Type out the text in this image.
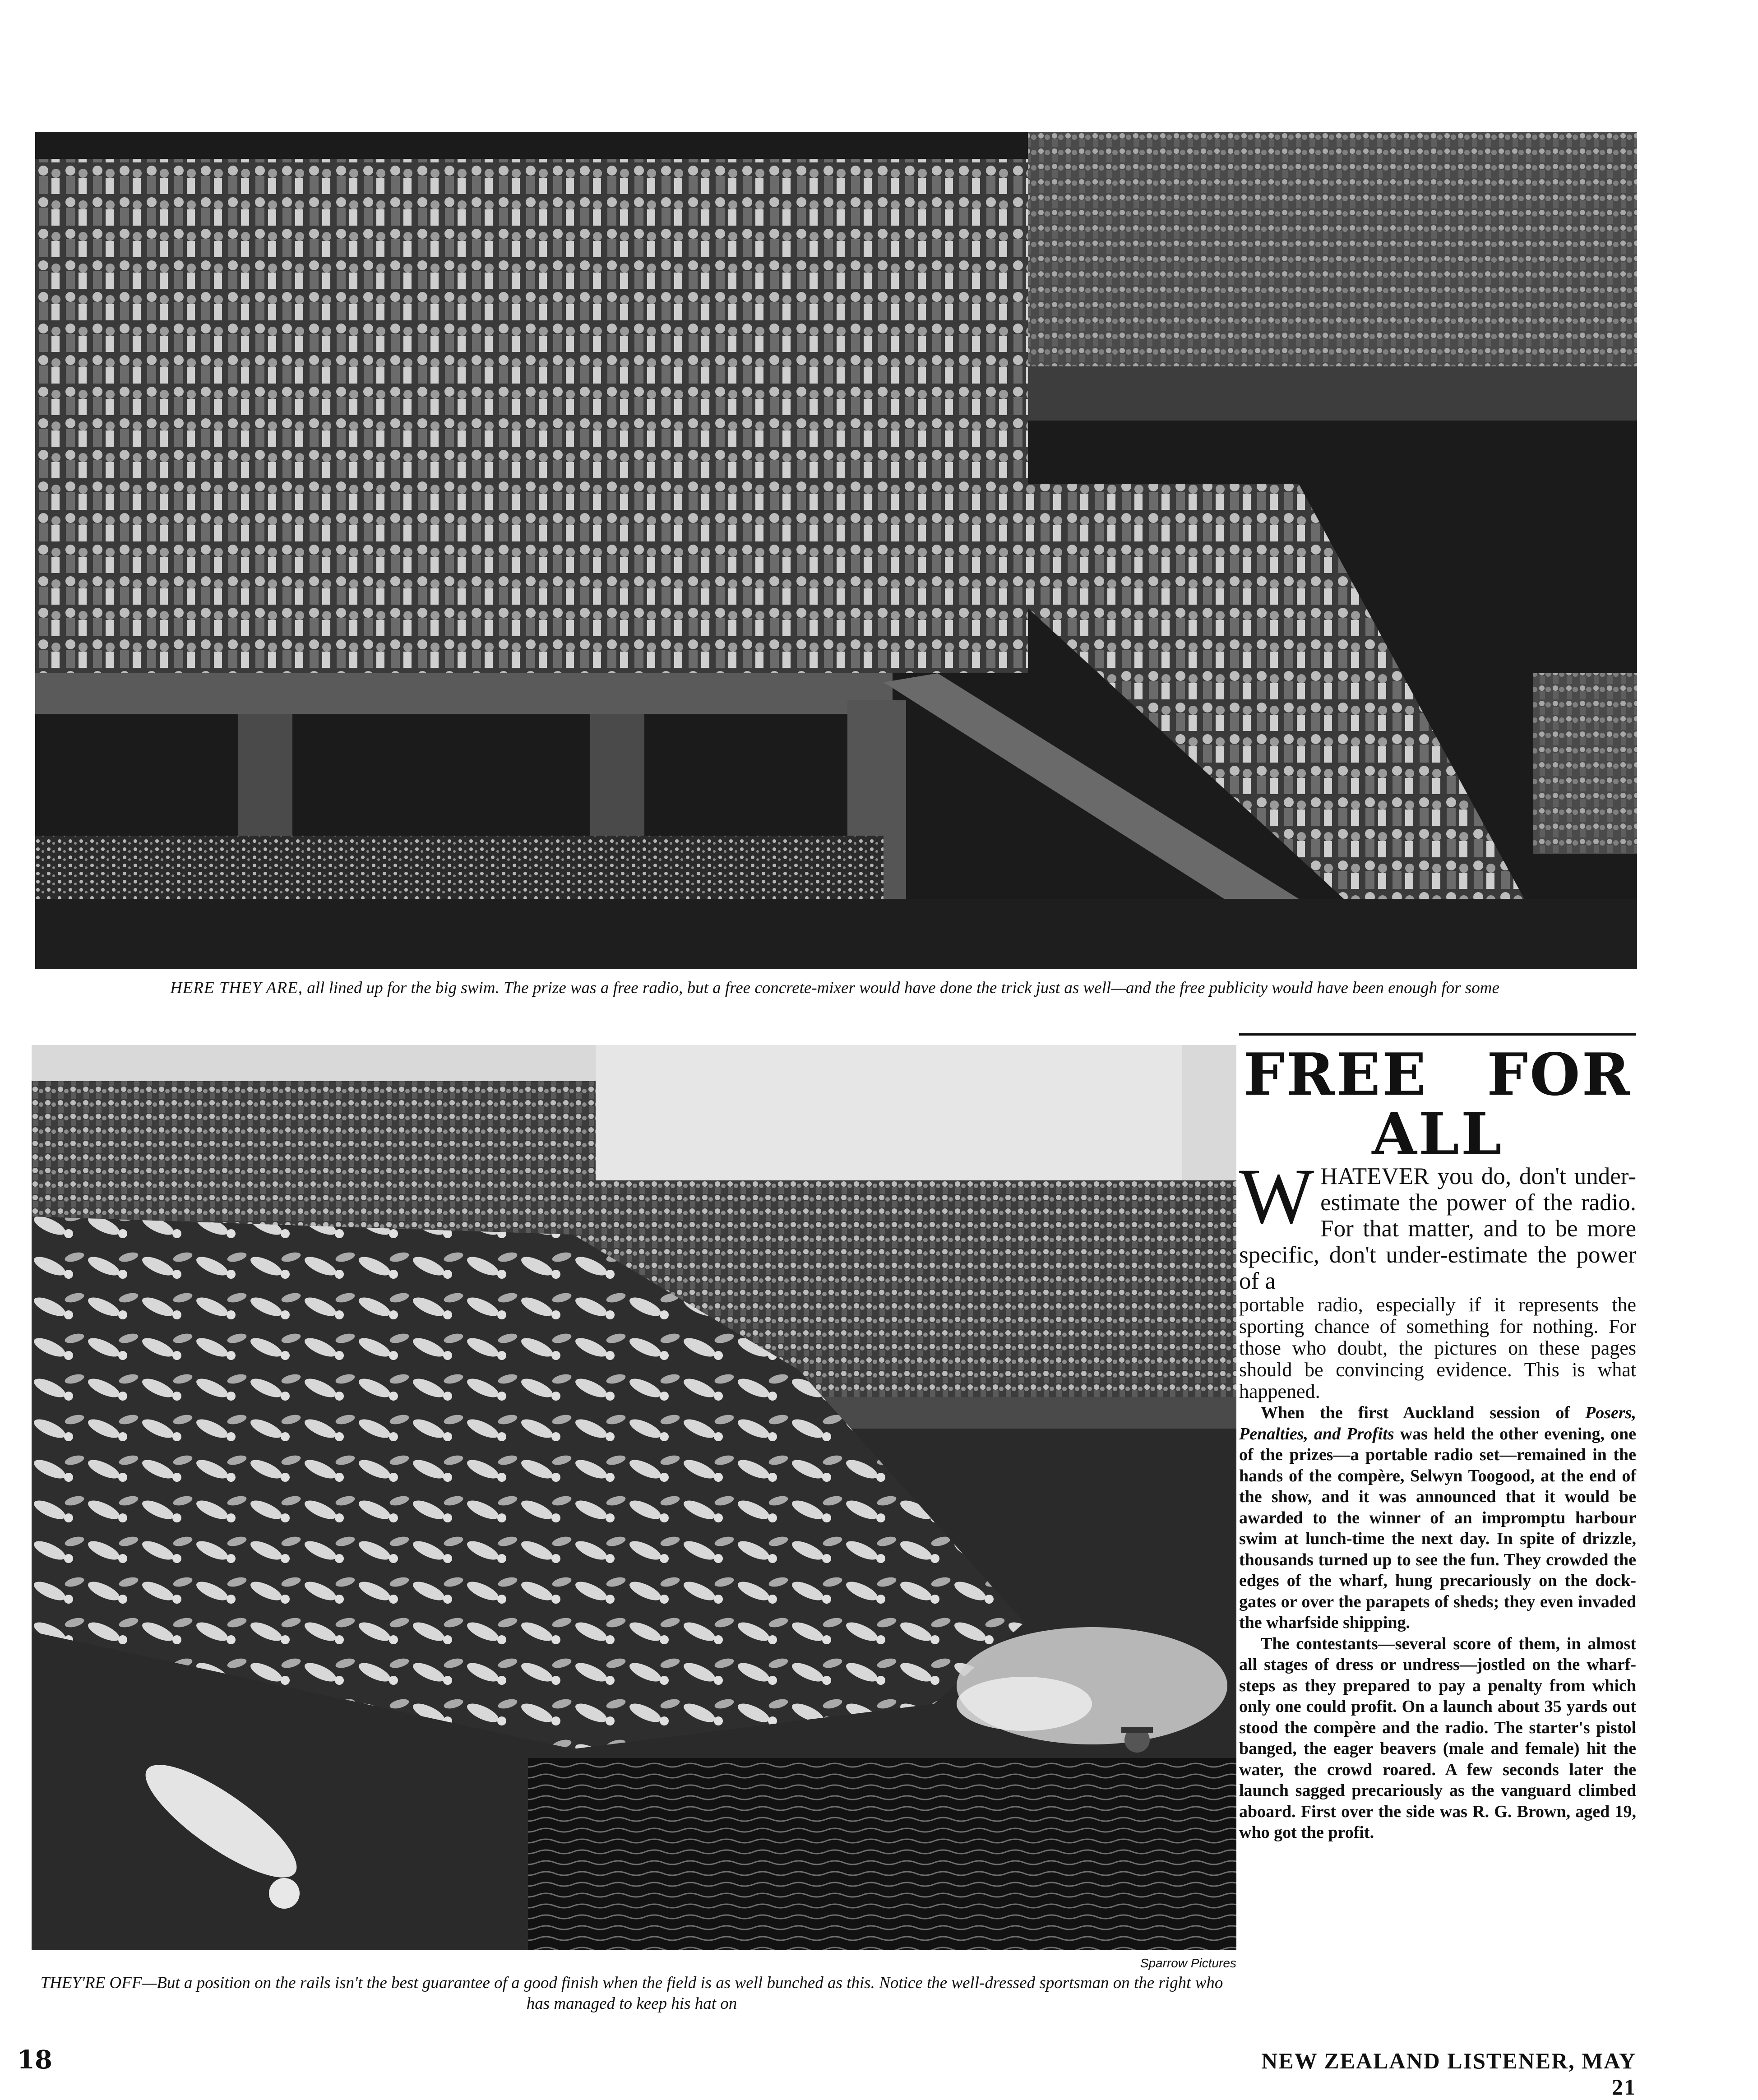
HERE THEY ARE, all lined up for the big swim. The prize was a free radio, but a free concrete-mixer would have done the trick just as well—and the free publicity would have been enough for some
Sparrow Pictures
THEY'RE OFF—But a position on the rails isn't the best guarantee of a good finish when the field is as well bunched as this. Notice the well-dressed sportsman on the right who has managed to keep his hat on
FREE FOR
ALL

WHATEVER you do, don't under-estimate the power of the radio. For that matter, and to be more specific, don't under-estimate the power of a

portable radio, especially if it represents the sporting chance of something for nothing. For those who doubt, the pictures on these pages should be convincing evidence. This is what happened.

When the first Auckland session of Posers, Penalties, and Profits was held the other evening, one of the prizes—a portable radio set—remained in the hands of the compère, Selwyn Toogood, at the end of the show, and it was announced that it would be awarded to the winner of an impromptu harbour swim at lunch-time the next day. In spite of drizzle, thousands turned up to see the fun. They crowded the edges of the wharf, hung precariously on the dock-gates or over the parapets of sheds; they even invaded the wharfside shipping.

The contestants—several score of them, in almost all stages of dress or undress—jostled on the wharf-steps as they prepared to pay a penalty from which only one could profit. On a launch about 35 yards out stood the compère and the radio. The starter's pistol banged, the eager beavers (male and female) hit the water, the crowd roared. A few seconds later the launch sagged precariously as the vanguard climbed aboard. First over the side was R. G. Brown, aged 19, who got the profit.

18	NEW ZEALAND LISTENER, MAY 21
